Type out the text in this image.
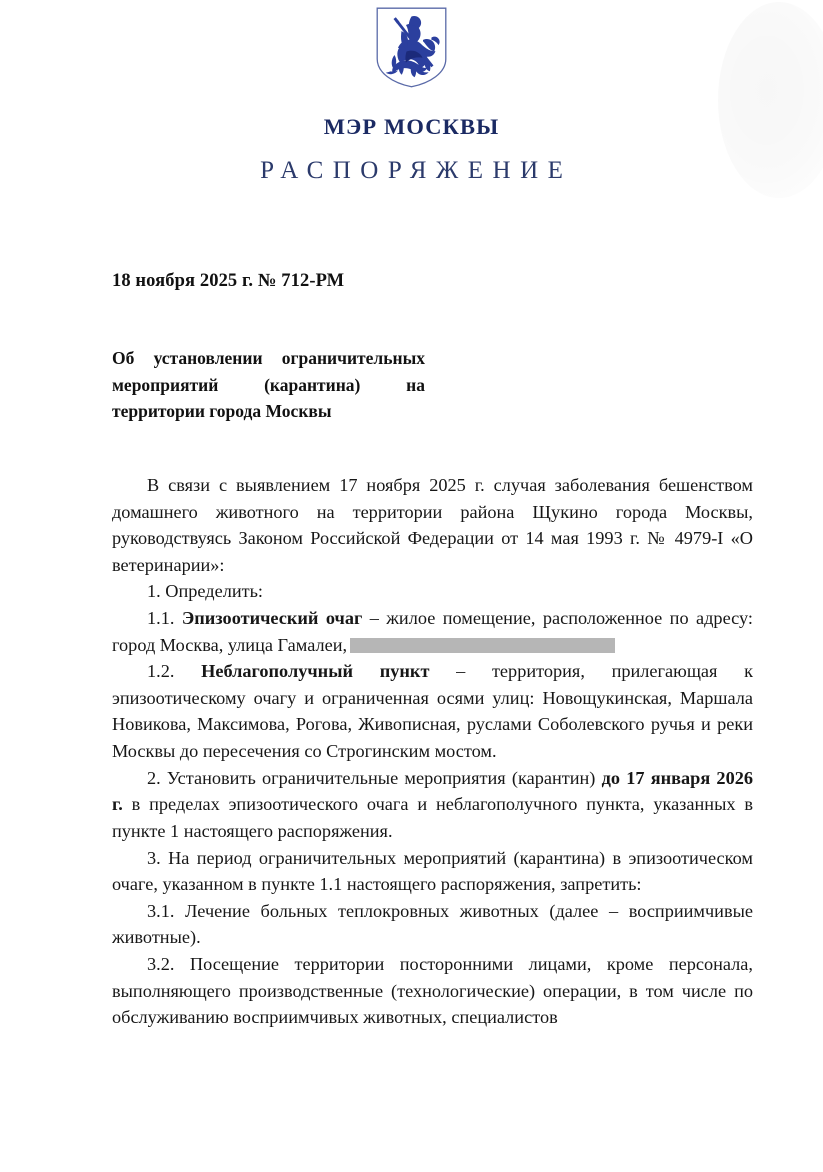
МЭР МОСКВЫ
РАСПОРЯЖЕНИЕ
18 ноября 2025 г. № 712-РМ
Об установлении ограничительных
мероприятий (карантина) на
территории города Москвы

В связи с выявлением 17 ноября 2025 г. случая заболевания бешенством домашнего животного на территории района Щукино города Москвы, руководствуясь Законом Российской Федерации от 14 мая 1993 г. № 4979-I «О ветеринарии»:

1. Определить:

1.1. Эпизоотический очаг – жилое помещение, расположенное по адресу: город Москва, улица Гамалеи,

1.2. Неблагополучный пункт – территория, прилегающая к эпизоотическому очагу и ограниченная осями улиц: Новощукинская, Маршала Новикова, Максимова, Рогова, Живописная, руслами Соболевского ручья и реки Москвы до пересечения со Строгинским мостом.

2. Установить ограничительные мероприятия (карантин) до 17 января 2026 г. в пределах эпизоотического очага и неблагополучного пункта, указанных в пункте 1 настоящего распоряжения.

3. На период ограничительных мероприятий (карантина) в эпизоотическом очаге, указанном в пункте 1.1 настоящего распоряжения, запретить:

3.1. Лечение больных теплокровных животных (далее – восприимчивые животные).

3.2. Посещение территории посторонними лицами, кроме персонала, выполняющего производственные (технологические) операции, в том числе по обслуживанию восприимчивых животных, специалистов
